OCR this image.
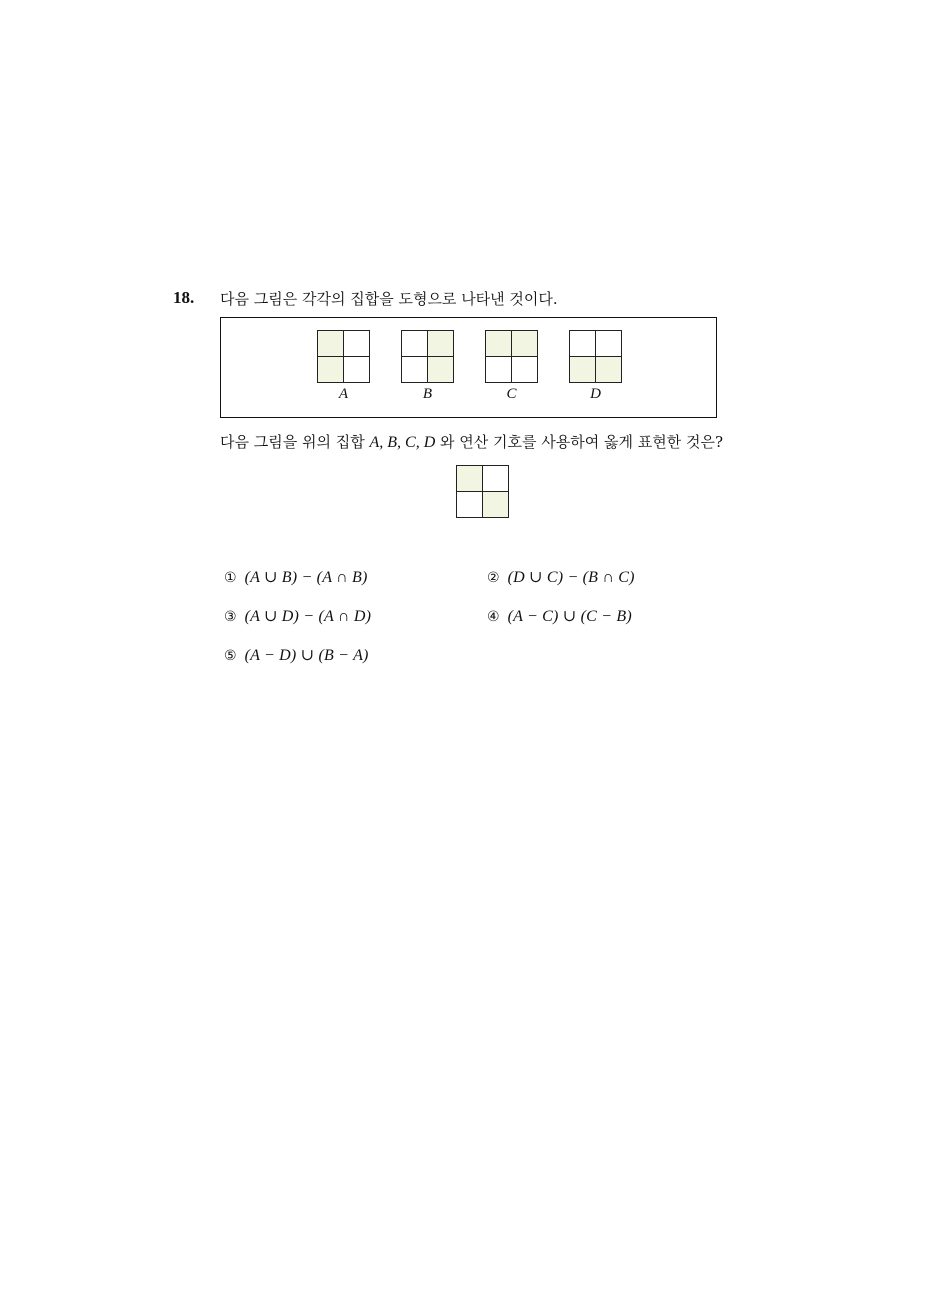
18. 다음 그림은 각각의 집합을 도형으로 나타낸 것이다.
A	B	C	D
다음 그림을 위의 집합 A, B, C, D 와 연산 기호를 사용하여 옳게 표현한 것은?
① (A ∪ B) − (A ∩ B)	② (D ∪ C) − (B ∩ C)
③ (A ∪ D) − (A ∩ D)	④ (A − C) ∪ (C − B)
⑤ (A − D) ∪ (B − A)
